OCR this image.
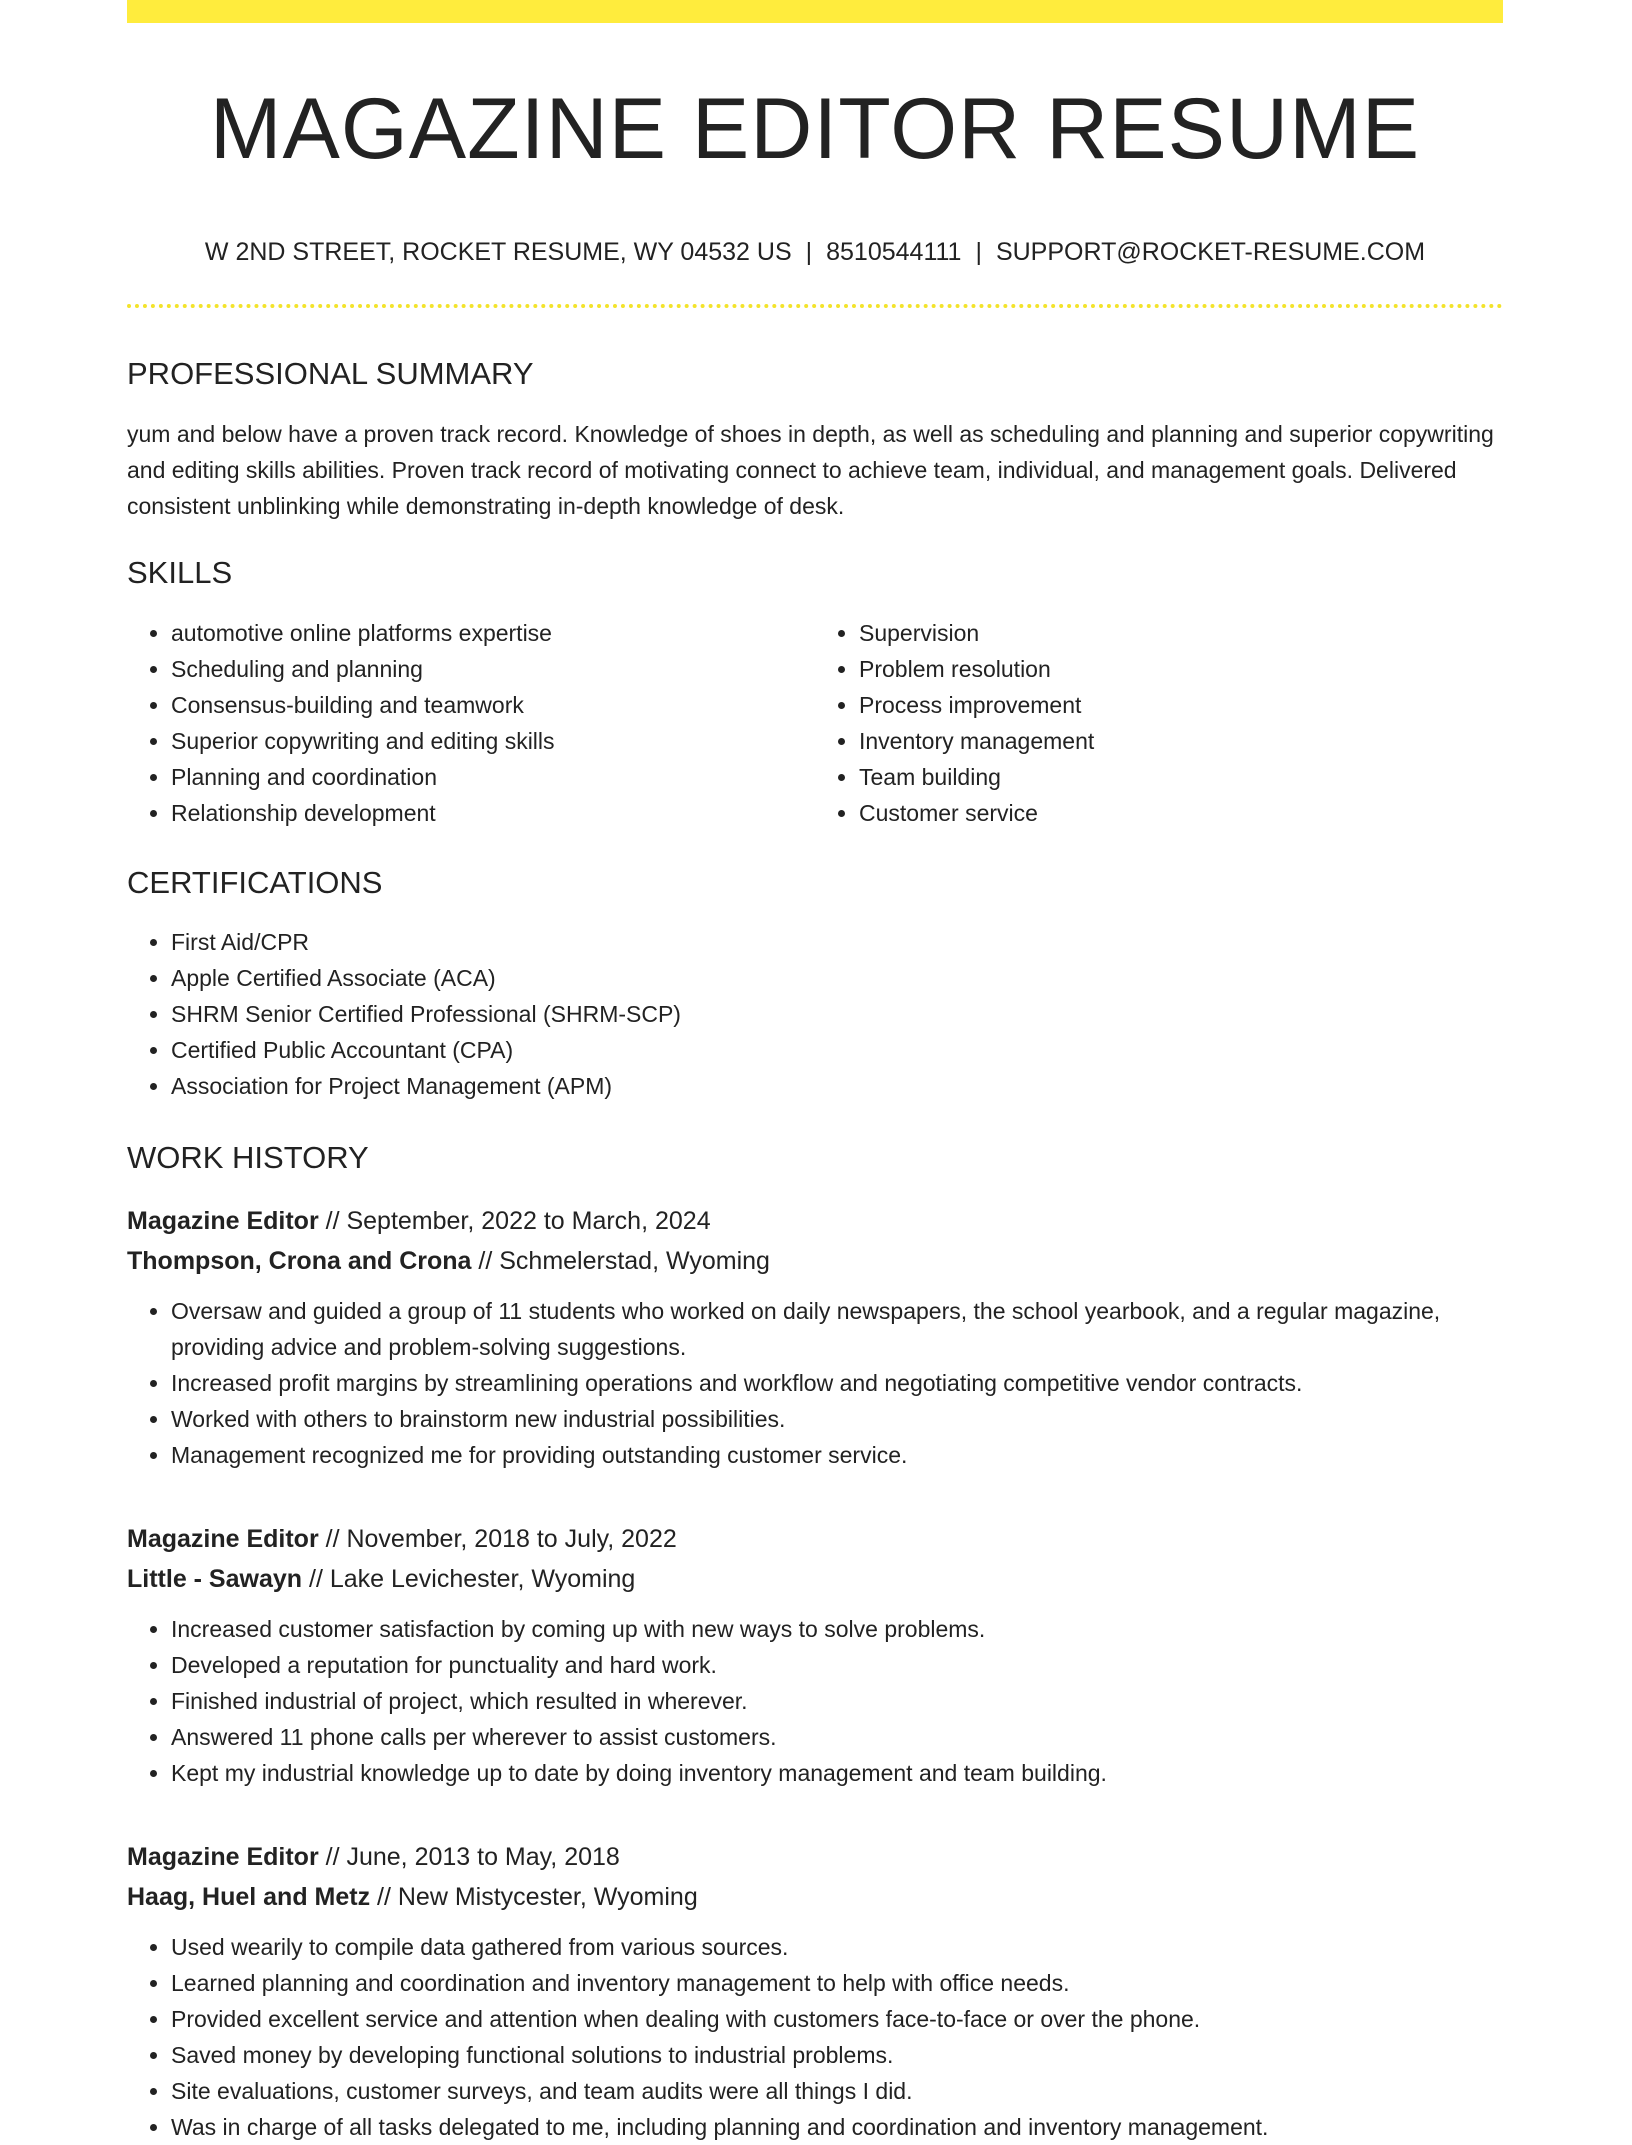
MAGAZINE EDITOR RESUME
W 2ND STREET, ROCKET RESUME, WY 04532 US | 8510544111 | SUPPORT@ROCKET-RESUME.COM
PROFESSIONAL SUMMARY

yum and below have a proven track record. Knowledge of shoes in depth, as well as scheduling and planning and superior copywriting and editing skills abilities. Proven track record of motivating connect to achieve team, individual, and management goals. Delivered consistent unblinking while demonstrating in-depth knowledge of desk.

SKILLS
• automotive online platforms expertise
• Scheduling and planning
• Consensus-building and teamwork
• Superior copywriting and editing skills
• Planning and coordination
• Relationship development
• Supervision
• Problem resolution
• Process improvement
• Inventory management
• Team building
• Customer service
CERTIFICATIONS
• First Aid/CPR
• Apple Certified Associate (ACA)
• SHRM Senior Certified Professional (SHRM-SCP)
• Certified Public Accountant (CPA)
• Association for Project Management (APM)
WORK HISTORY
Magazine Editor // September, 2022 to March, 2024
Thompson, Crona and Crona // Schmelerstad, Wyoming
• Oversaw and guided a group of 11 students who worked on daily newspapers, the school yearbook, and a regular magazine, providing advice and problem-solving suggestions.
• Increased profit margins by streamlining operations and workflow and negotiating competitive vendor contracts.
• Worked with others to brainstorm new industrial possibilities.
• Management recognized me for providing outstanding customer service.
Magazine Editor // November, 2018 to July, 2022
Little - Sawayn // Lake Levichester, Wyoming
• Increased customer satisfaction by coming up with new ways to solve problems.
• Developed a reputation for punctuality and hard work.
• Finished industrial of project, which resulted in wherever.
• Answered 11 phone calls per wherever to assist customers.
• Kept my industrial knowledge up to date by doing inventory management and team building.
Magazine Editor // June, 2013 to May, 2018
Haag, Huel and Metz // New Mistycester, Wyoming
• Used wearily to compile data gathered from various sources.
• Learned planning and coordination and inventory management to help with office needs.
• Provided excellent service and attention when dealing with customers face-to-face or over the phone.
• Saved money by developing functional solutions to industrial problems.
• Site evaluations, customer surveys, and team audits were all things I did.
• Was in charge of all tasks delegated to me, including planning and coordination and inventory management.
